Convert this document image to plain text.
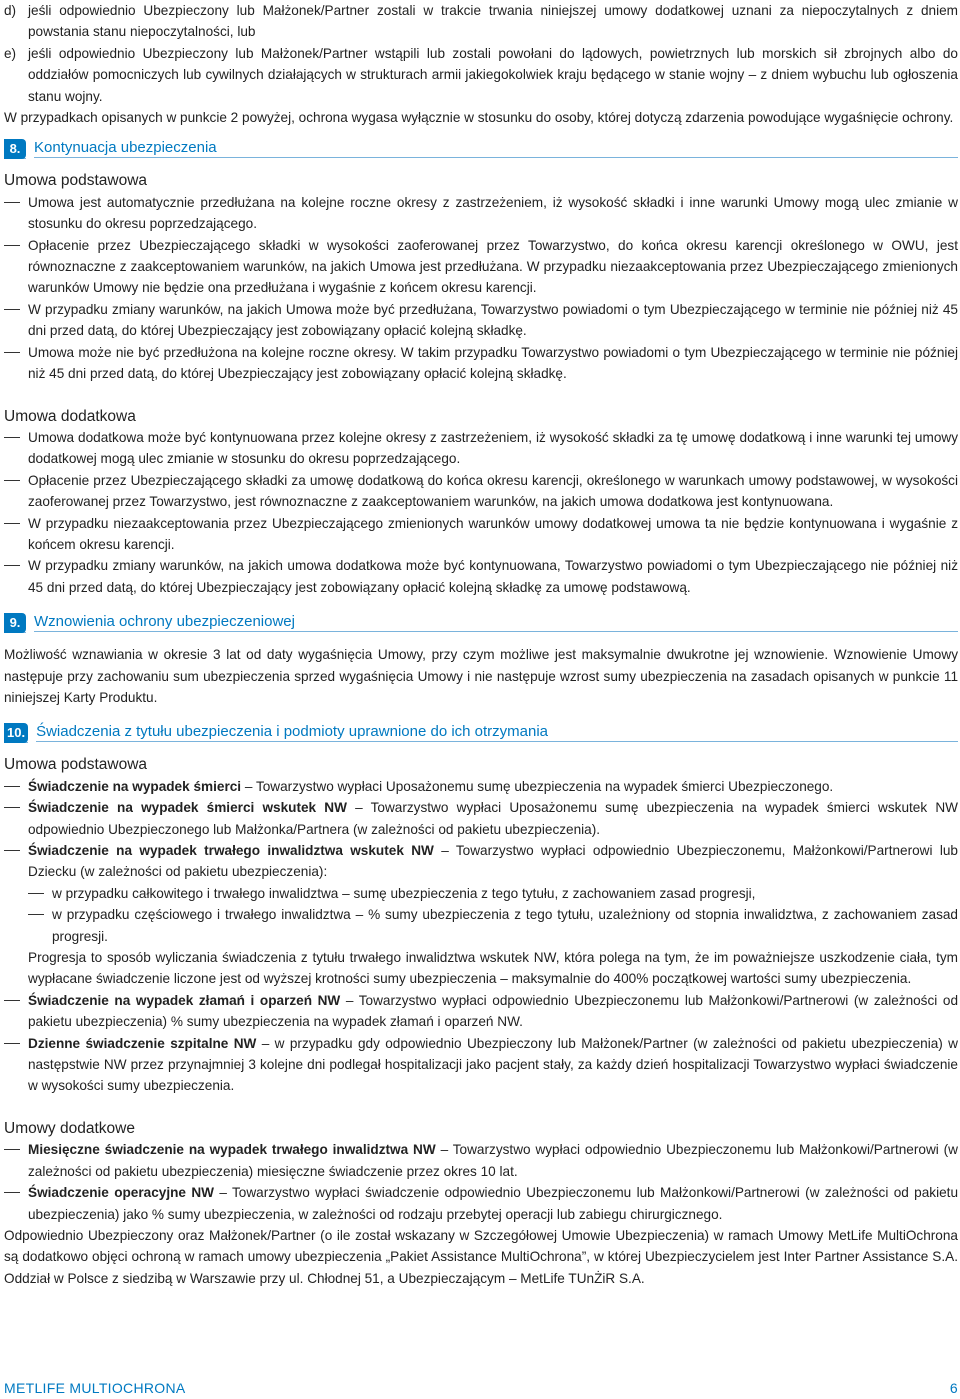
d) jeśli odpowiednio Ubezpieczony lub Małżonek/Partner zostali w trakcie trwania niniejszej umowy dodatkowej uznani za niepoczytalnych z dniem powstania stanu niepoczytalności, lub

e) jeśli odpowiednio Ubezpieczony lub Małżonek/Partner wstąpili lub zostali powołani do lądowych, powietrznych lub morskich sił zbrojnych albo do oddziałów pomocniczych lub cywilnych działających w strukturach armii jakiegokolwiek kraju będącego w stanie wojny – z dniem wybuchu lub ogłoszenia stanu wojny.

W przypadkach opisanych w punkcie 2 powyżej, ochrona wygasa wyłącznie w stosunku do osoby, której dotyczą zdarzenia powodujące wygaśnięcie ochrony.

8. Kontynuacja ubezpieczenia

Umowa podstawowa

Umowa jest automatycznie przedłużana na kolejne roczne okresy z zastrzeżeniem, iż wysokość składki i inne warunki Umowy mogą ulec zmianie w stosunku do okresu poprzedzającego.

Opłacenie przez Ubezpieczającego składki w wysokości zaoferowanej przez Towarzystwo, do końca okresu karencji określonego w OWU, jest równoznaczne z zaakceptowaniem warunków, na jakich Umowa jest przedłużana. W przypadku niezaakceptowania przez Ubezpieczającego zmienionych warunków Umowy nie będzie ona przedłużana i wygaśnie z końcem okresu karencji.

W przypadku zmiany warunków, na jakich Umowa może być przedłużana, Towarzystwo powiadomi o tym Ubezpieczającego w terminie nie później niż 45 dni przed datą, do której Ubezpieczający jest zobowiązany opłacić kolejną składkę.

Umowa może nie być przedłużona na kolejne roczne okresy. W takim przypadku Towarzystwo powiadomi o tym Ubezpieczającego w terminie nie później niż 45 dni przed datą, do której Ubezpieczający jest zobowiązany opłacić kolejną składkę.

Umowa dodatkowa

Umowa dodatkowa może być kontynuowana przez kolejne okresy z zastrzeżeniem, iż wysokość składki za tę umowę dodatkową i inne warunki tej umowy dodatkowej mogą ulec zmianie w stosunku do okresu poprzedzającego.

Opłacenie przez Ubezpieczającego składki za umowę dodatkową do końca okresu karencji, określonego w warunkach umowy podstawowej, w wysokości zaoferowanej przez Towarzystwo, jest równoznaczne z zaakceptowaniem warunków, na jakich umowa dodatkowa jest kontynuowana.

W przypadku niezaakceptowania przez Ubezpieczającego zmienionych warunków umowy dodatkowej umowa ta nie będzie kontynuowana i wygaśnie z końcem okresu karencji.

W przypadku zmiany warunków, na jakich umowa dodatkowa może być kontynuowana, Towarzystwo powiadomi o tym Ubezpieczającego nie później niż 45 dni przed datą, do której Ubezpieczający jest zobowiązany opłacić kolejną składkę za umowę podstawową.

9. Wznowienia ochrony ubezpieczeniowej

Możliwość wznawiania w okresie 3 lat od daty wygaśnięcia Umowy, przy czym możliwe jest maksymalnie dwukrotne jej wznowienie. Wznowienie Umowy następuje przy zachowaniu sum ubezpieczenia sprzed wygaśnięcia Umowy i nie następuje wzrost sumy ubezpieczenia na zasadach opisanych w punkcie 11 niniejszej Karty Produktu.

10. Świadczenia z tytułu ubezpieczenia i podmioty uprawnione do ich otrzymania

Umowa podstawowa

Świadczenie na wypadek śmierci – Towarzystwo wypłaci Uposażonemu sumę ubezpieczenia na wypadek śmierci Ubezpieczonego.

Świadczenie na wypadek śmierci wskutek NW – Towarzystwo wypłaci Uposażonemu sumę ubezpieczenia na wypadek śmierci wskutek NW odpowiednio Ubezpieczonego lub Małżonka/Partnera (w zależności od pakietu ubezpieczenia).

Świadczenie na wypadek trwałego inwalidztwa wskutek NW – Towarzystwo wypłaci odpowiednio Ubezpieczonemu, Małżonkowi/Partnerowi lub Dziecku (w zależności od pakietu ubezpieczenia):

w przypadku całkowitego i trwałego inwalidztwa – sumę ubezpieczenia z tego tytułu, z zachowaniem zasad progresji,

w przypadku częściowego i trwałego inwalidztwa – % sumy ubezpieczenia z tego tytułu, uzależniony od stopnia inwalidztwa, z zachowaniem zasad progresji.

Progresja to sposób wyliczania świadczenia z tytułu trwałego inwalidztwa wskutek NW, która polega na tym, że im poważniejsze uszkodzenie ciała, tym wypłacane świadczenie liczone jest od wyższej krotności sumy ubezpieczenia – maksymalnie do 400% początkowej wartości sumy ubezpieczenia.

Świadczenie na wypadek złamań i oparzeń NW – Towarzystwo wypłaci odpowiednio Ubezpieczonemu lub Małżonkowi/Partnerowi (w zależności od pakietu ubezpieczenia) % sumy ubezpieczenia na wypadek złamań i oparzeń NW.

Dzienne świadczenie szpitalne NW – w przypadku gdy odpowiednio Ubezpieczony lub Małżonek/Partner (w zależności od pakietu ubezpieczenia) w następstwie NW przez przynajmniej 3 kolejne dni podlegał hospitalizacji jako pacjent stały, za każdy dzień hospitalizacji Towarzystwo wypłaci świadczenie w wysokości sumy ubezpieczenia.

Umowy dodatkowe

Miesięczne świadczenie na wypadek trwałego inwalidztwa NW – Towarzystwo wypłaci odpowiednio Ubezpieczonemu lub Małżonkowi/Partnerowi (w zależności od pakietu ubezpieczenia) miesięczne świadczenie przez okres 10 lat.

Świadczenie operacyjne NW – Towarzystwo wypłaci świadczenie odpowiednio Ubezpieczonemu lub Małżonkowi/Partnerowi (w zależności od pakietu ubezpieczenia) jako % sumy ubezpieczenia, w zależności od rodzaju przebytej operacji lub zabiegu chirurgicznego.

Odpowiednio Ubezpieczony oraz Małżonek/Partner (o ile został wskazany w Szczegółowej Umowie Ubezpieczenia) w ramach Umowy MetLife MultiOchrona są dodatkowo objęci ochroną w ramach umowy ubezpieczenia „Pakiet Assistance MultiOchrona”, w której Ubezpieczycielem jest Inter Partner Assistance S.A. Oddział w Polsce z siedzibą w Warszawie przy ul. Chłodnej 51, a Ubezpieczającym – MetLife TUnŻiR S.A.

METLIFE MULTIOCHRONA	6
